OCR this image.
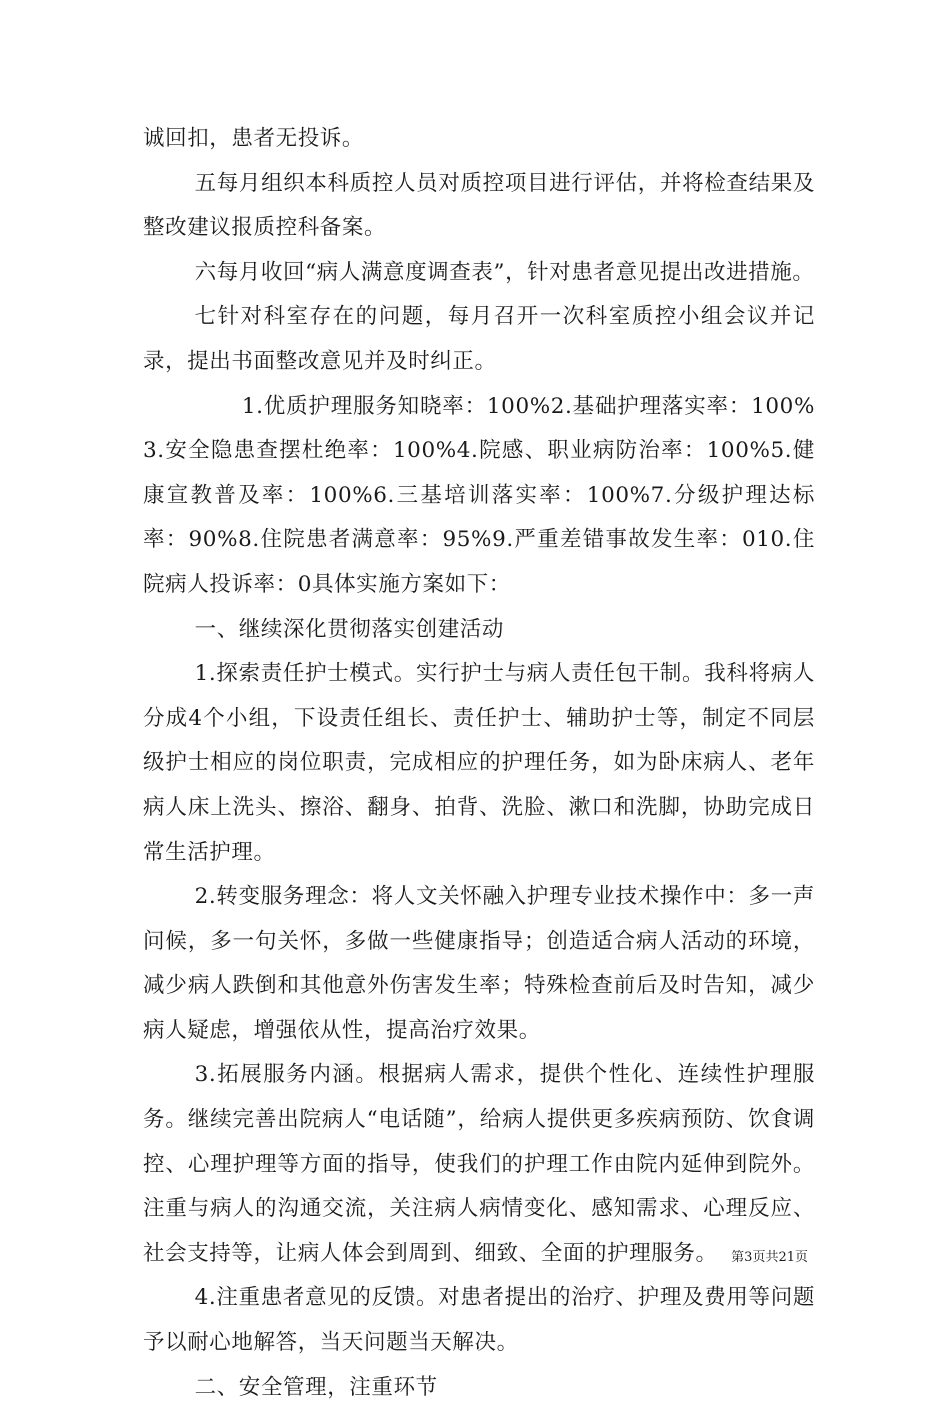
诚回扣，患者无投诉。

五每月组织本科质控人员对质控项目进行评估，并将检查结果及整改建议报质控科备案。

六每月收回“病人满意度调查表”，针对患者意见提出改进措施。

七针对科室存在的问题，每月召开一次科室质控小组会议并记录，提出书面整改意见并及时纠正。

1.优质护理服务知晓率：100%2.基础护理落实率：100%3.安全隐患查摆杜绝率：100%4.院感、职业病防治率：100%5.健康宣教普及率：100%6.三基培训落实率：100%7.分级护理达标率：90%8.住院患者满意率：95%9.严重差错事故发生率：010.住院病人投诉率：0具体实施方案如下：

一、继续深化贯彻落实创建活动

1.探索责任护士模式。实行护士与病人责任包干制。我科将病人分成4个小组，下设责任组长、责任护士、辅助护士等，制定不同层级护士相应的岗位职责，完成相应的护理任务，如为卧床病人、老年病人床上洗头、擦浴、翻身、拍背、洗脸、漱口和洗脚，协助完成日常生活护理。

2.转变服务理念：将人文关怀融入护理专业技术操作中：多一声问候，多一句关怀，多做一些健康指导；创造适合病人活动的环境，减少病人跌倒和其他意外伤害发生率；特殊检查前后及时告知，减少病人疑虑，增强依从性，提高治疗效果。

3.拓展服务内涵。根据病人需求，提供个性化、连续性护理服务。继续完善出院病人“电话随”，给病人提供更多疾病预防、饮食调控、心理护理等方面的指导，使我们的护理工作由院内延伸到院外。注重与病人的沟通交流，关注病人病情变化、感知需求、心理反应、社会支持等，让病人体会到周到、细致、全面的护理服务。

4.注重患者意见的反馈。对患者提出的治疗、护理及费用等问题予以耐心地解答，当天问题当天解决。

二、安全管理，注重环节

第3页共21页
